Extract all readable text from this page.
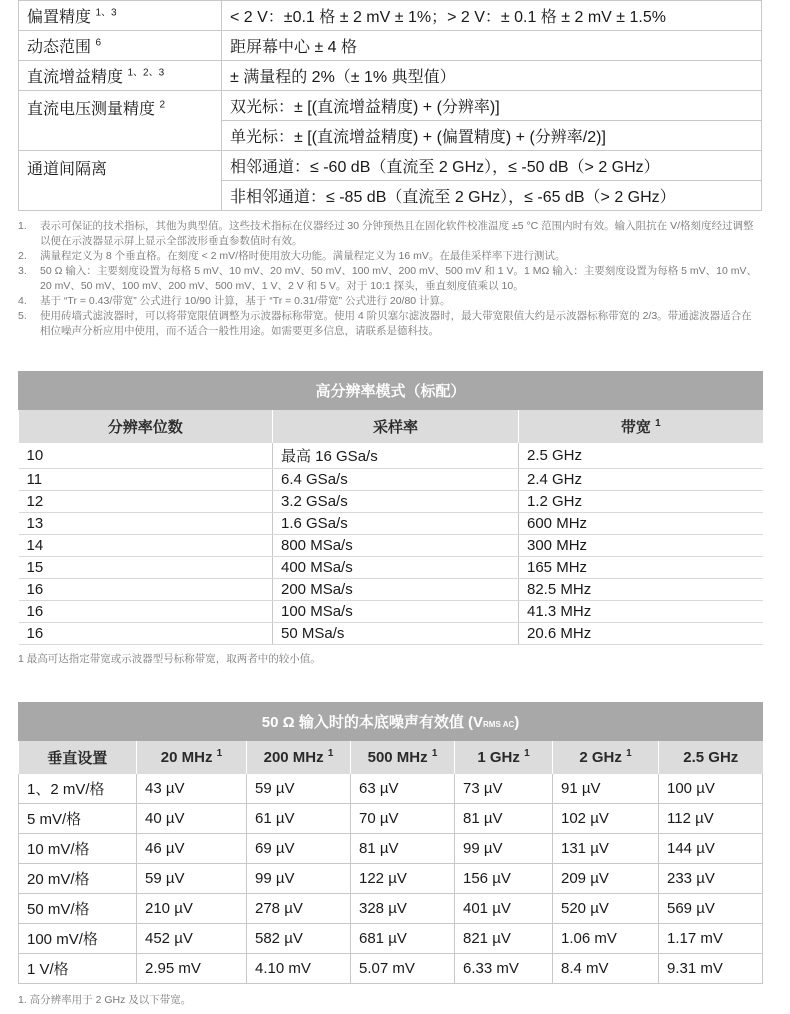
偏置精度 $^{1、3}$	< 2 V：±0.1 格 ± 2 mV ± 1%；> 2 V：± 0.1 格 ± 2 mV ± 1.5%
动态范围 $^6$	距屏幕中心 ± 4 格
直流增益精度 $^{1、2、3}$	± 满量程的 2%（± 1% 典型值）
直流电压测量精度 $^2$	双光标：± [(直流增益精度) + (分辨率)]
	单光标：± [(直流增益精度) + (偏置精度) + (分辨率/2)]
通道间隔离	相邻通道：≤ -60 dB（直流至 2 GHz），≤ -50 dB（> 2 GHz）
	非相邻通道：≤ -85 dB（直流至 2 GHz），≤ -65 dB（> 2 GHz）
1. 表示可保证的技术指标，其他为典型值。这些技术指标在仪器经过 30 分钟预热且在固化软件校准温度 ±5 °C 范围内时有效。输入阻抗在 V/格刻度经过调整以便在示波器显示屏上显示全部波形垂直参数值时有效。
2. 满量程定义为 8 个垂直格。在刻度 < 2 mV/格时使用放大功能。满量程定义为 16 mV。在最佳采样率下进行测试。
3. 50 Ω 输入：主要刻度设置为每格 5 mV、10 mV、20 mV、50 mV、100 mV、200 mV、500 mV 和 1 V。1 MΩ 输入：主要刻度设置为每格 5 mV、10 mV、20 mV、50 mV、100 mV、200 mV、500 mV、1 V、2 V 和 5 V。对于 10:1 探头，垂直刻度值乘以 10。
4. 基于 “Tr = 0.43/带宽” 公式进行 10/90 计算，基于 “Tr = 0.31/带宽” 公式进行 20/80 计算。
5. 使用砖墙式滤波器时，可以将带宽限值调整为示波器标称带宽。使用 4 阶贝塞尔滤波器时，最大带宽限值大约是示波器标称带宽的 2/3。带通滤波器适合在相位噪声分析应用中使用，而不适合一般性用途。如需要更多信息，请联系是德科技。
高分辨率模式（标配）		
分辨率位数	采样率	带宽 $^1$
10	最高 16 GSa/s	2.5 GHz
11	6.4 GSa/s	2.4 GHz
12	3.2 GSa/s	1.2 GHz
13	1.6 GSa/s	600 MHz
14	800 MSa/s	300 MHz
15	400 MSa/s	165 MHz
16	200 MSa/s	82.5 MHz
16	100 MSa/s	41.3 MHz
16	50 MSa/s	20.6 MHz
1 最高可达指定带宽或示波器型号标称带宽，取两者中的较小值。
50 Ω 输入时的本底噪声有效值 (VRMS AC)						
垂直设置	20 MHz $^1$	200 MHz $^1$	500 MHz $^1$	1 GHz $^1$	2 GHz $^1$	2.5 GHz
1、2 mV/格	43 µV	59 µV	63 µV	73 µV	91 µV	100 µV
5 mV/格	40 µV	61 µV	70 µV	81 µV	102 µV	112 µV
10 mV/格	46 µV	69 µV	81 µV	99 µV	131 µV	144 µV
20 mV/格	59 µV	99 µV	122 µV	156 µV	209 µV	233 µV
50 mV/格	210 µV	278 µV	328 µV	401 µV	520 µV	569 µV
100 mV/格	452 µV	582 µV	681 µV	821 µV	1.06 mV	1.17 mV
1 V/格	2.95 mV	4.10 mV	5.07 mV	6.33 mV	8.4 mV	9.31 mV
1. 高分辨率用于 2 GHz 及以下带宽。
